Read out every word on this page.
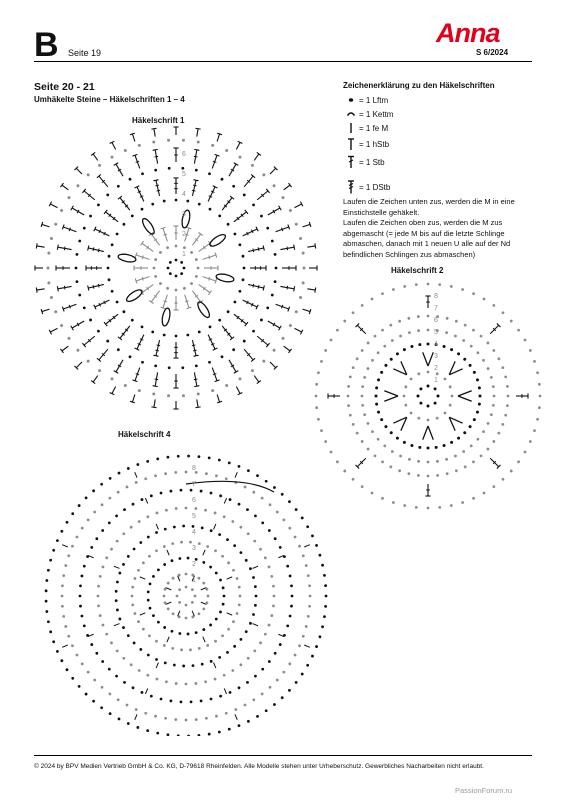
B Seite 19
Anna
S 6/2024
Seite 20 - 21
Umhäkelte Steine – Häkelschriften 1 – 4
Häkelschrift 1
Häkelschrift 2
Häkelschrift 4
Zeichenerklärung zu den Häkelschriften
= 1 Lftm
= 1 Kettm
= 1 fe M
= 1 hStb
= 1 Stb
= 1 DStb

Laufen die Zeichen unten zus, werden die M in eine Einstichstelle gehäkelt.

Laufen die Zeichen oben zus, werden die M zus abgemascht (= jede M bis auf die letzte Schlinge abmaschen, danach mit 1 neuen U alle auf der Nd befindlichen Schlingen zus abmaschen)

1
2
3
4
5
6
1
2
3
4
5
6
7
8
1
2
3
4
5
6
7
8
© 2024 by BPV Medien Vertrieb GmbH & Co. KG, D-79618 Rheinfelden. Alle Modelle stehen unter Urheberschutz. Gewerbliches Nacharbeiten nicht erlaubt.
PassionForum.ru
